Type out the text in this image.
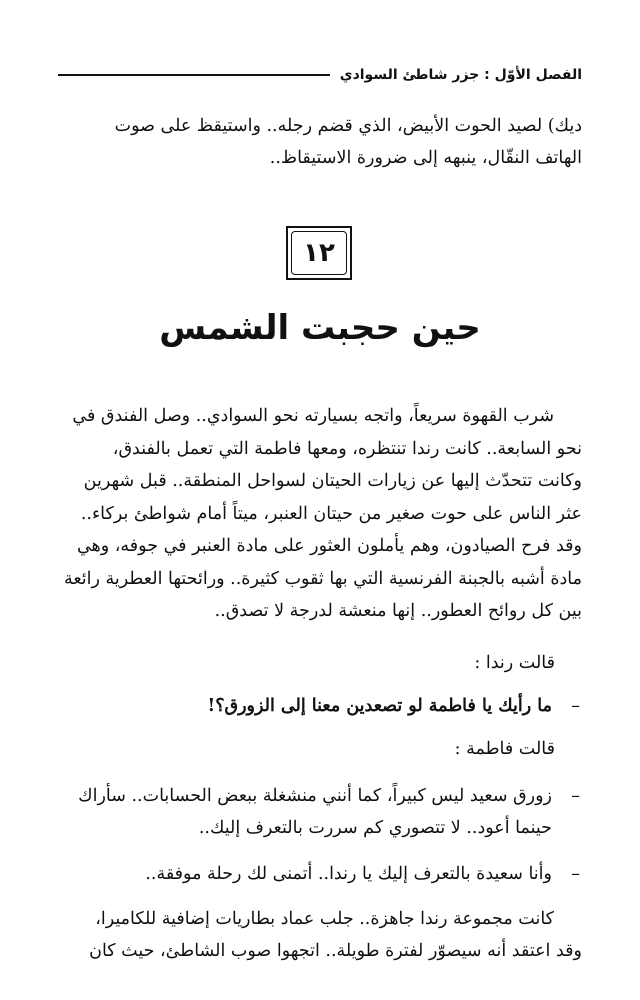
الفصل الأوّل : جزر شاطئ السوادي
ديك) لصيد الحوت الأبيض، الذي قضم رجله.. واستيقظ على صوت
الهاتف النقّال، ينبهه إلى ضرورة الاستيقاظ..
١٢
حين حجبت الشمس
شرب القهوة سريعاً، واتجه بسيارته نحو السوادي.. وصل الفندق في
نحو السابعة.. كانت رندا تنتظره، ومعها فاطمة التي تعمل بالفندق،
وكانت تتحدّث إليها عن زيارات الحيتان لسواحل المنطقة.. قبل شهرين
عثر الناس على حوت صغير من حيتان العنبر، ميتاً أمام شواطئ بركاء..
وقد فرح الصيادون، وهم يأملون العثور على مادة العنبر في جوفه، وهي
مادة أشبه بالجبنة الفرنسية التي بها ثقوب كثيرة.. ورائحتها العطرية رائعة
بين كل روائح العطور.. إنها منعشة لدرجة لا تصدق..

قالت رندا :

–
ما رأيك يا فاطمة لو تصعدين معنا إلى الزورق؟!

قالت فاطمة :

–
زورق سعيد ليس كبيراً، كما أنني منشغلة ببعض الحسابات.. سأراك
حينما أعود.. لا تتصوري كم سررت بالتعرف إليك..
–
وأنا سعيدة بالتعرف إليك يا رندا.. أتمنى لك رحلة موفقة..
كانت مجموعة رندا جاهزة.. جلب عماد بطاريات إضافية للكاميرا،
وقد اعتقد أنه سيصوّر لفترة طويلة.. اتجهوا صوب الشاطئ، حيث كان
